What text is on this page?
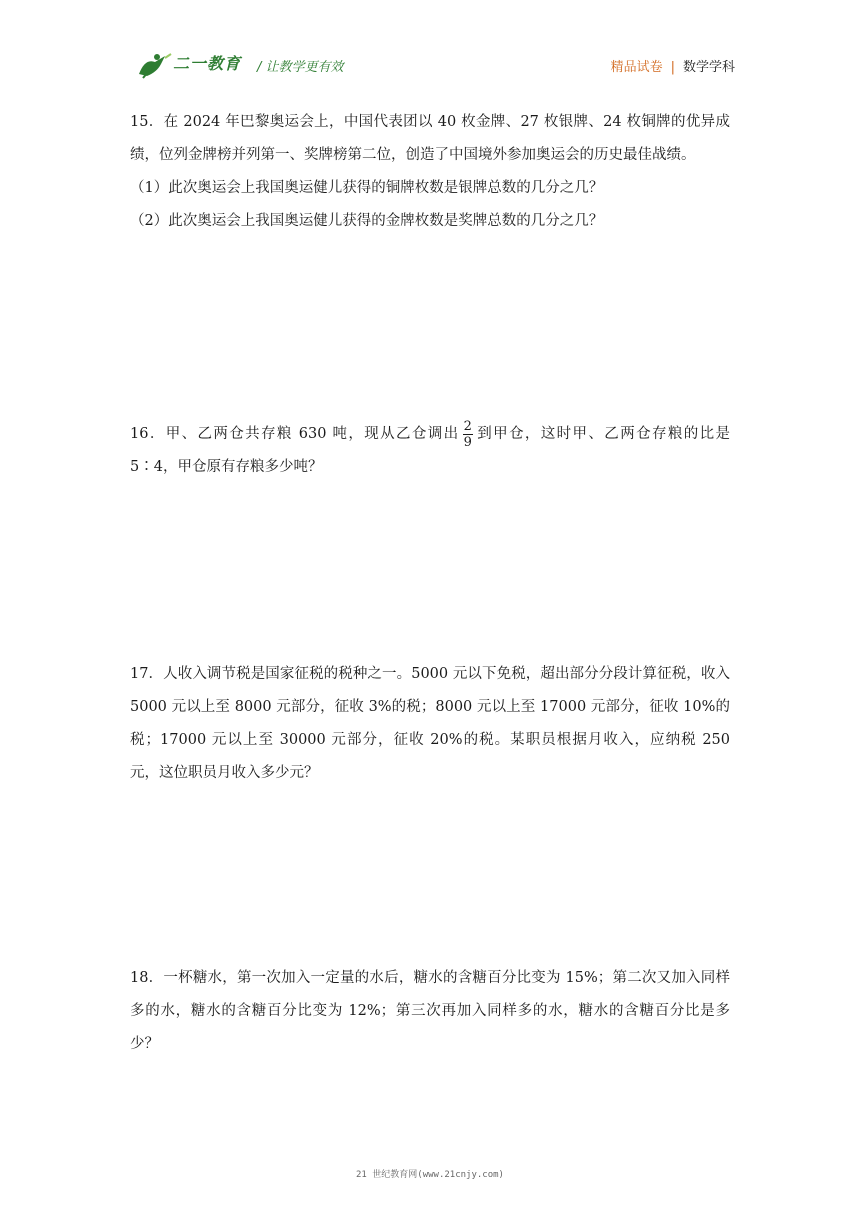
二一教育 / 让教学更有效	精品试卷 | 数学学科

15．在 2024 年巴黎奥运会上，中国代表团以 40 枚金牌、27 枚银牌、24 枚铜牌的优异成绩，位列金牌榜并列第一、奖牌榜第二位，创造了中国境外参加奥运会的历史最佳战绩。

（1）此次奥运会上我国奥运健儿获得的铜牌枚数是银牌总数的几分之几？

（2）此次奥运会上我国奥运健儿获得的金牌枚数是奖牌总数的几分之几？

16．甲、乙两仓共存粮 630 吨，现从乙仓调出 $\frac{2}{9}$ 到甲仓，这时甲、乙两仓存粮的比是 5∶4，甲仓原有存粮多少吨？

17．人收入调节税是国家征税的税种之一。5000 元以下免税，超出部分分段计算征税，收入 5000 元以上至 8000 元部分，征收 3%的税；8000 元以上至 17000 元部分，征收 10%的税；17000 元以上至 30000 元部分，征收 20%的税。某职员根据月收入，应纳税 250 元，这位职员月收入多少元？

18．一杯糖水，第一次加入一定量的水后，糖水的含糖百分比变为 15%；第二次又加入同样多的水，糖水的含糖百分比变为 12%；第三次再加入同样多的水，糖水的含糖百分比是多少？

21 世纪教育网(www.21cnjy.com)
